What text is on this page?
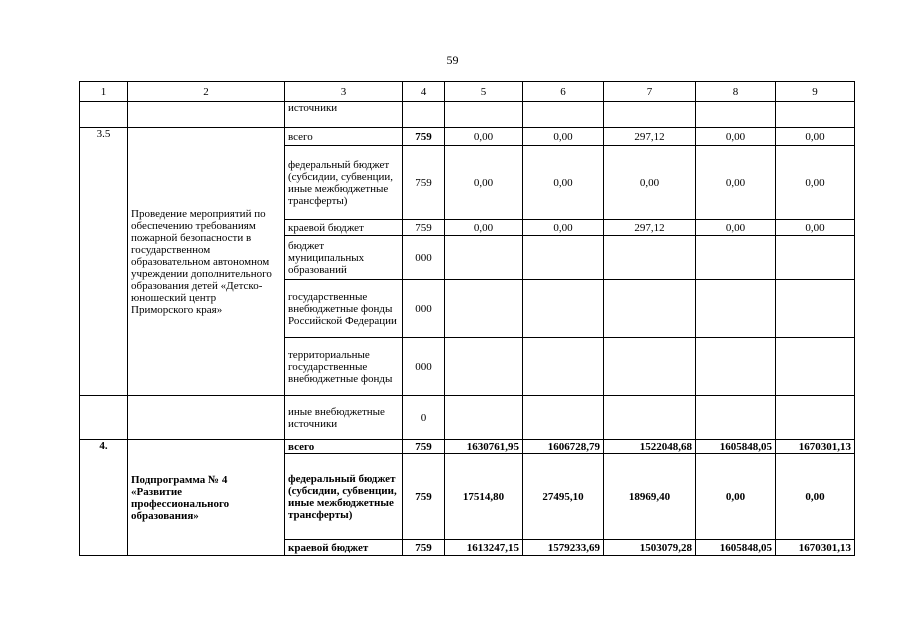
59
1	2	3	4	5	6	7	8	9
		источники						
3.5	Проведение мероприятий по обеспечению требованиям пожарной безопасности в государственном образовательном автономном учреждении дополнительного образования детей «Детско-юношеский центр Приморского края»	всего	759	0,00	0,00	297,12	0,00	0,00
		федеральный бюджет (субсидии, субвенции, иные межбюджетные трансферты)	759	0,00	0,00	0,00	0,00	0,00
		краевой бюджет	759	0,00	0,00	297,12	0,00	0,00
		бюджет муниципальных образований	000					
		государственные внебюджетные фонды Российской Федерации	000					
		территориальные государственные внебюджетные фонды	000					
		иные внебюджетные источники	0					
4.	Подпрограмма № 4 «Развитие профессионального образования»	всего	759	1630761,95	1606728,79	1522048,68	1605848,05	1670301,13
		федеральный бюджет (субсидии, субвенции, иные межбюджетные трансферты)	759	17514,80	27495,10	18969,40	0,00	0,00
		краевой бюджет	759	1613247,15	1579233,69	1503079,28	1605848,05	1670301,13
